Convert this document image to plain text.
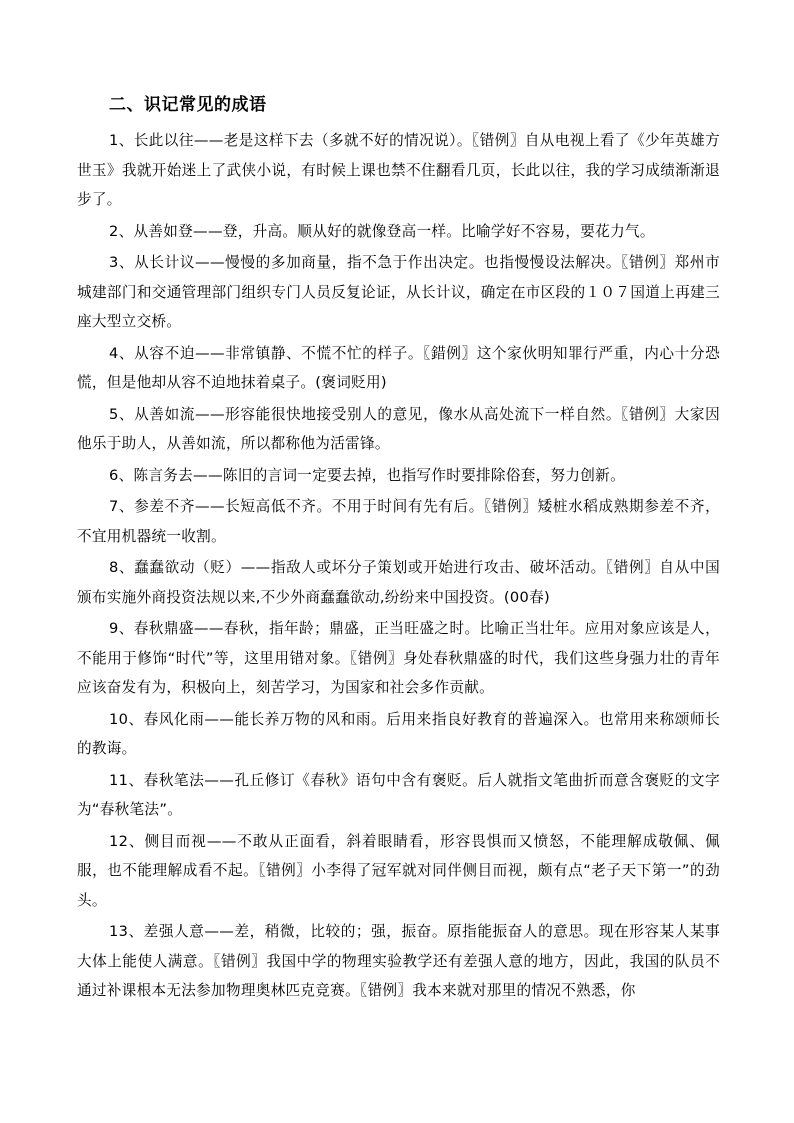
二、识记常见的成语

1、长此以往——老是这样下去（多就不好的情况说）。〖错例〗自从电视上看了《少年英雄方世玉》我就开始迷上了武侠小说，有时候上课也禁不住翻看几页，长此以往，我的学习成绩渐渐退步了。

2、从善如登——登，升高。顺从好的就像登高一样。比喻学好不容易，要花力气。

3、从长计议——慢慢的多加商量，指不急于作出决定。也指慢慢设法解决。〖错例〗郑州市城建部门和交通管理部门组织专门人员反复论证，从长计议，确定在市区段的１０７国道上再建三座大型立交桥。

4、从容不迫——非常镇静、不慌不忙的样子。〖錯例〗这个家伙明知罪行严重，内心十分恐慌，但是他却从容不迫地抹着桌子。(褒词贬用)

5、从善如流——形容能很快地接受别人的意见，像水从高处流下一样自然。〖错例〗大家因他乐于助人，从善如流，所以都称他为活雷锋。

6、陈言务去——陈旧的言词一定要去掉，也指写作时要排除俗套，努力创新。

7、参差不齐——长短高低不齐。不用于时间有先有后。〖错例〗矮桩水稻成熟期参差不齐，不宜用机器统一收割。

8、蠢蠢欲动（贬）——指敌人或坏分子策划或开始进行攻击、破坏活动。〖错例〗自从中国颁布实施外商投资法规以来,不少外商蠢蠢欲动,纷纷来中国投资。(00春)

9、春秋鼎盛——春秋，指年龄；鼎盛，正当旺盛之时。比喻正当壮年。应用对象应该是人，不能用于修饰“时代”等，这里用错对象。〖错例〗身处春秋鼎盛的时代，我们这些身强力壮的青年应该奋发有为，积极向上，刻苦学习，为国家和社会多作贡献。

10、春风化雨——能长养万物的风和雨。后用来指良好教育的普遍深入。也常用来称颂师长的教诲。

11、春秋笔法——孔丘修订《春秋》语句中含有褒贬。后人就指文笔曲折而意含褒贬的文字为“春秋笔法”。

12、侧目而视——不敢从正面看，斜着眼睛看，形容畏惧而又愤怒，不能理解成敬佩、佩服，也不能理解成看不起。〖错例〗小李得了冠军就对同伴侧目而视，颇有点“老子天下第一”的劲头。

13、差强人意——差，稍微，比较的；强，振奋。原指能振奋人的意思。现在形容某人某事大体上能使人满意。〖错例〗我国中学的物理实验教学还有差强人意的地方，因此，我国的队员不通过补课根本无法参加物理奥林匹克竞赛。〖错例〗我本来就对那里的情况不熟悉，你
